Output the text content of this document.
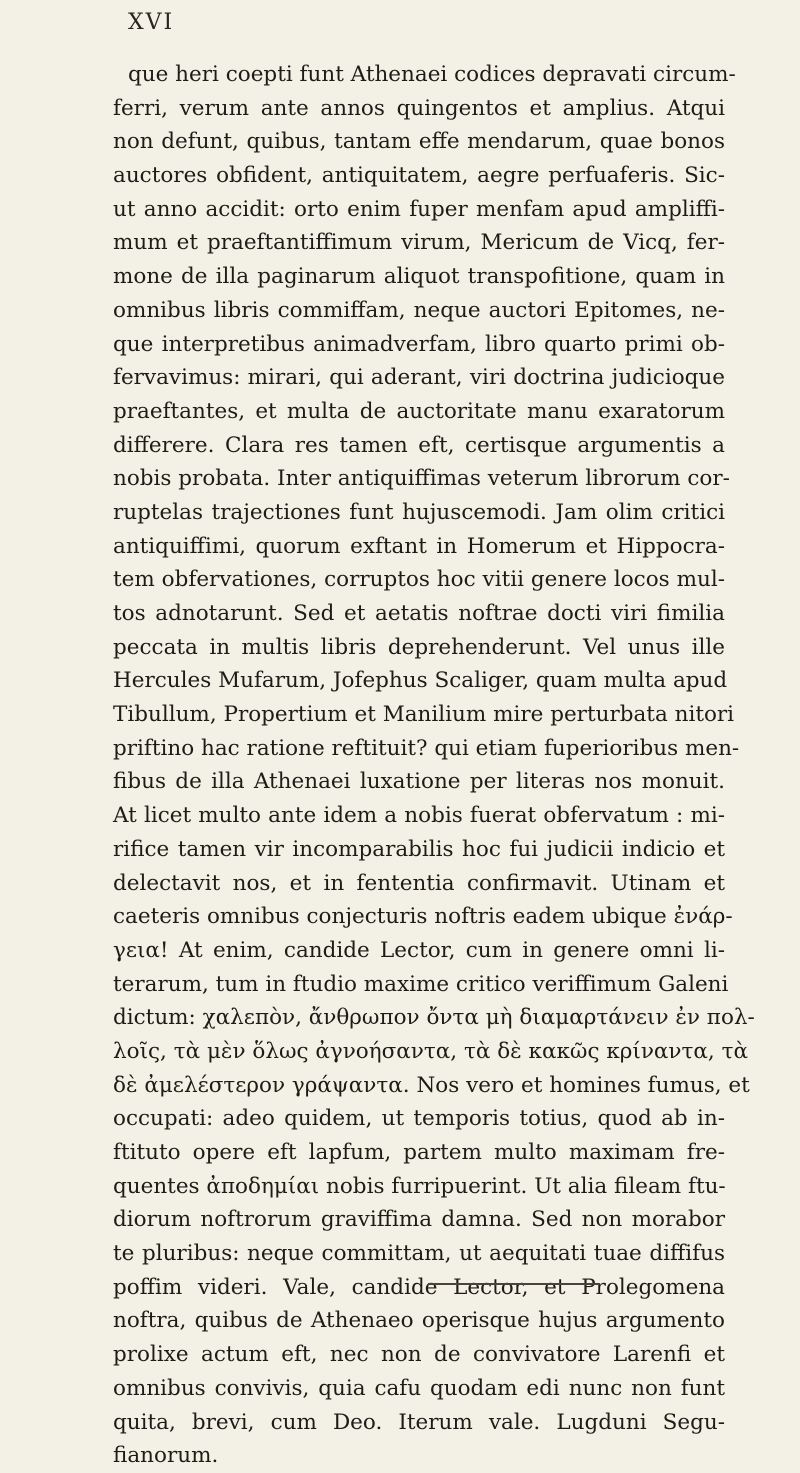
XVI
que heri coepti funt Athenaei codices depravati circum-
ferri, verum ante annos quingentos et amplius. Atqui
non defunt, quibus, tantam effe mendarum, quae bonos
auctores obfident, antiquitatem, aegre perfuaferis. Sic-
ut anno accidit: orto enim fuper menfam apud ampliffi-
mum et praeftantiffimum virum, Mericum de Vicq, fer-
mone de illa paginarum aliquot transpofitione, quam in
omnibus libris commiffam, neque auctori Epitomes, ne-
que interpretibus animadverfam, libro quarto primi ob-
fervavimus: mirari, qui aderant, viri doctrina judicioque
praeftantes, et multa de auctoritate manu exaratorum
differere. Clara res tamen eft, certisque argumentis a
nobis probata. Inter antiquiffimas veterum librorum cor-
ruptelas trajectiones funt hujuscemodi. Jam olim critici
antiquiffimi, quorum exftant in Homerum et Hippocra-
tem obfervationes, corruptos hoc vitii genere locos mul-
tos adnotarunt. Sed et aetatis noftrae docti viri fimilia
peccata in multis libris deprehenderunt. Vel unus ille
Hercules Mufarum, Jofephus Scaliger, quam multa apud
Tibullum, Propertium et Manilium mire perturbata nitori
priftino hac ratione reftituit? qui etiam fuperioribus men-
fibus de illa Athenaei luxatione per literas nos monuit.
At licet multo ante idem a nobis fuerat obfervatum : mi-
rifice tamen vir incomparabilis hoc fui judicii indicio et
delectavit nos, et in fententia confirmavit. Utinam et
caeteris omnibus conjecturis noftris eadem ubique ἐνάρ-
γεια! At enim, candide Lector, cum in genere omni li-
terarum, tum in ftudio maxime critico veriffimum Galeni
dictum: χαλεπὸν, ἄνθρωπον ὄντα μὴ διαμαρτάνειν ἐν πολ-
λοῖς, τὰ μὲν ὅλως ἀγνοήσαντα, τὰ δὲ κακῶς κρίναντα, τὰ
δὲ ἀμελέστερον γράψαντα. Nos vero et homines fumus, et
occupati: adeo quidem, ut temporis totius, quod ab in-
ftituto opere eft lapfum, partem multo maximam fre-
quentes ἀποδημίαι nobis furripuerint. Ut alia fileam ftu-
diorum noftrorum graviffima damna. Sed non morabor
te pluribus: neque committam, ut aequitati tuae diffifus
poffim videri. Vale, candide Lector, et Prolegomena
noftra, quibus de Athenaeo operisque hujus argumento
prolixe actum eft, nec non de convivatore Larenfi et
omnibus convivis, quia cafu quodam edi nunc non funt
quita, brevi, cum Deo. Iterum vale. Lugduni Segu-
fianorum.
